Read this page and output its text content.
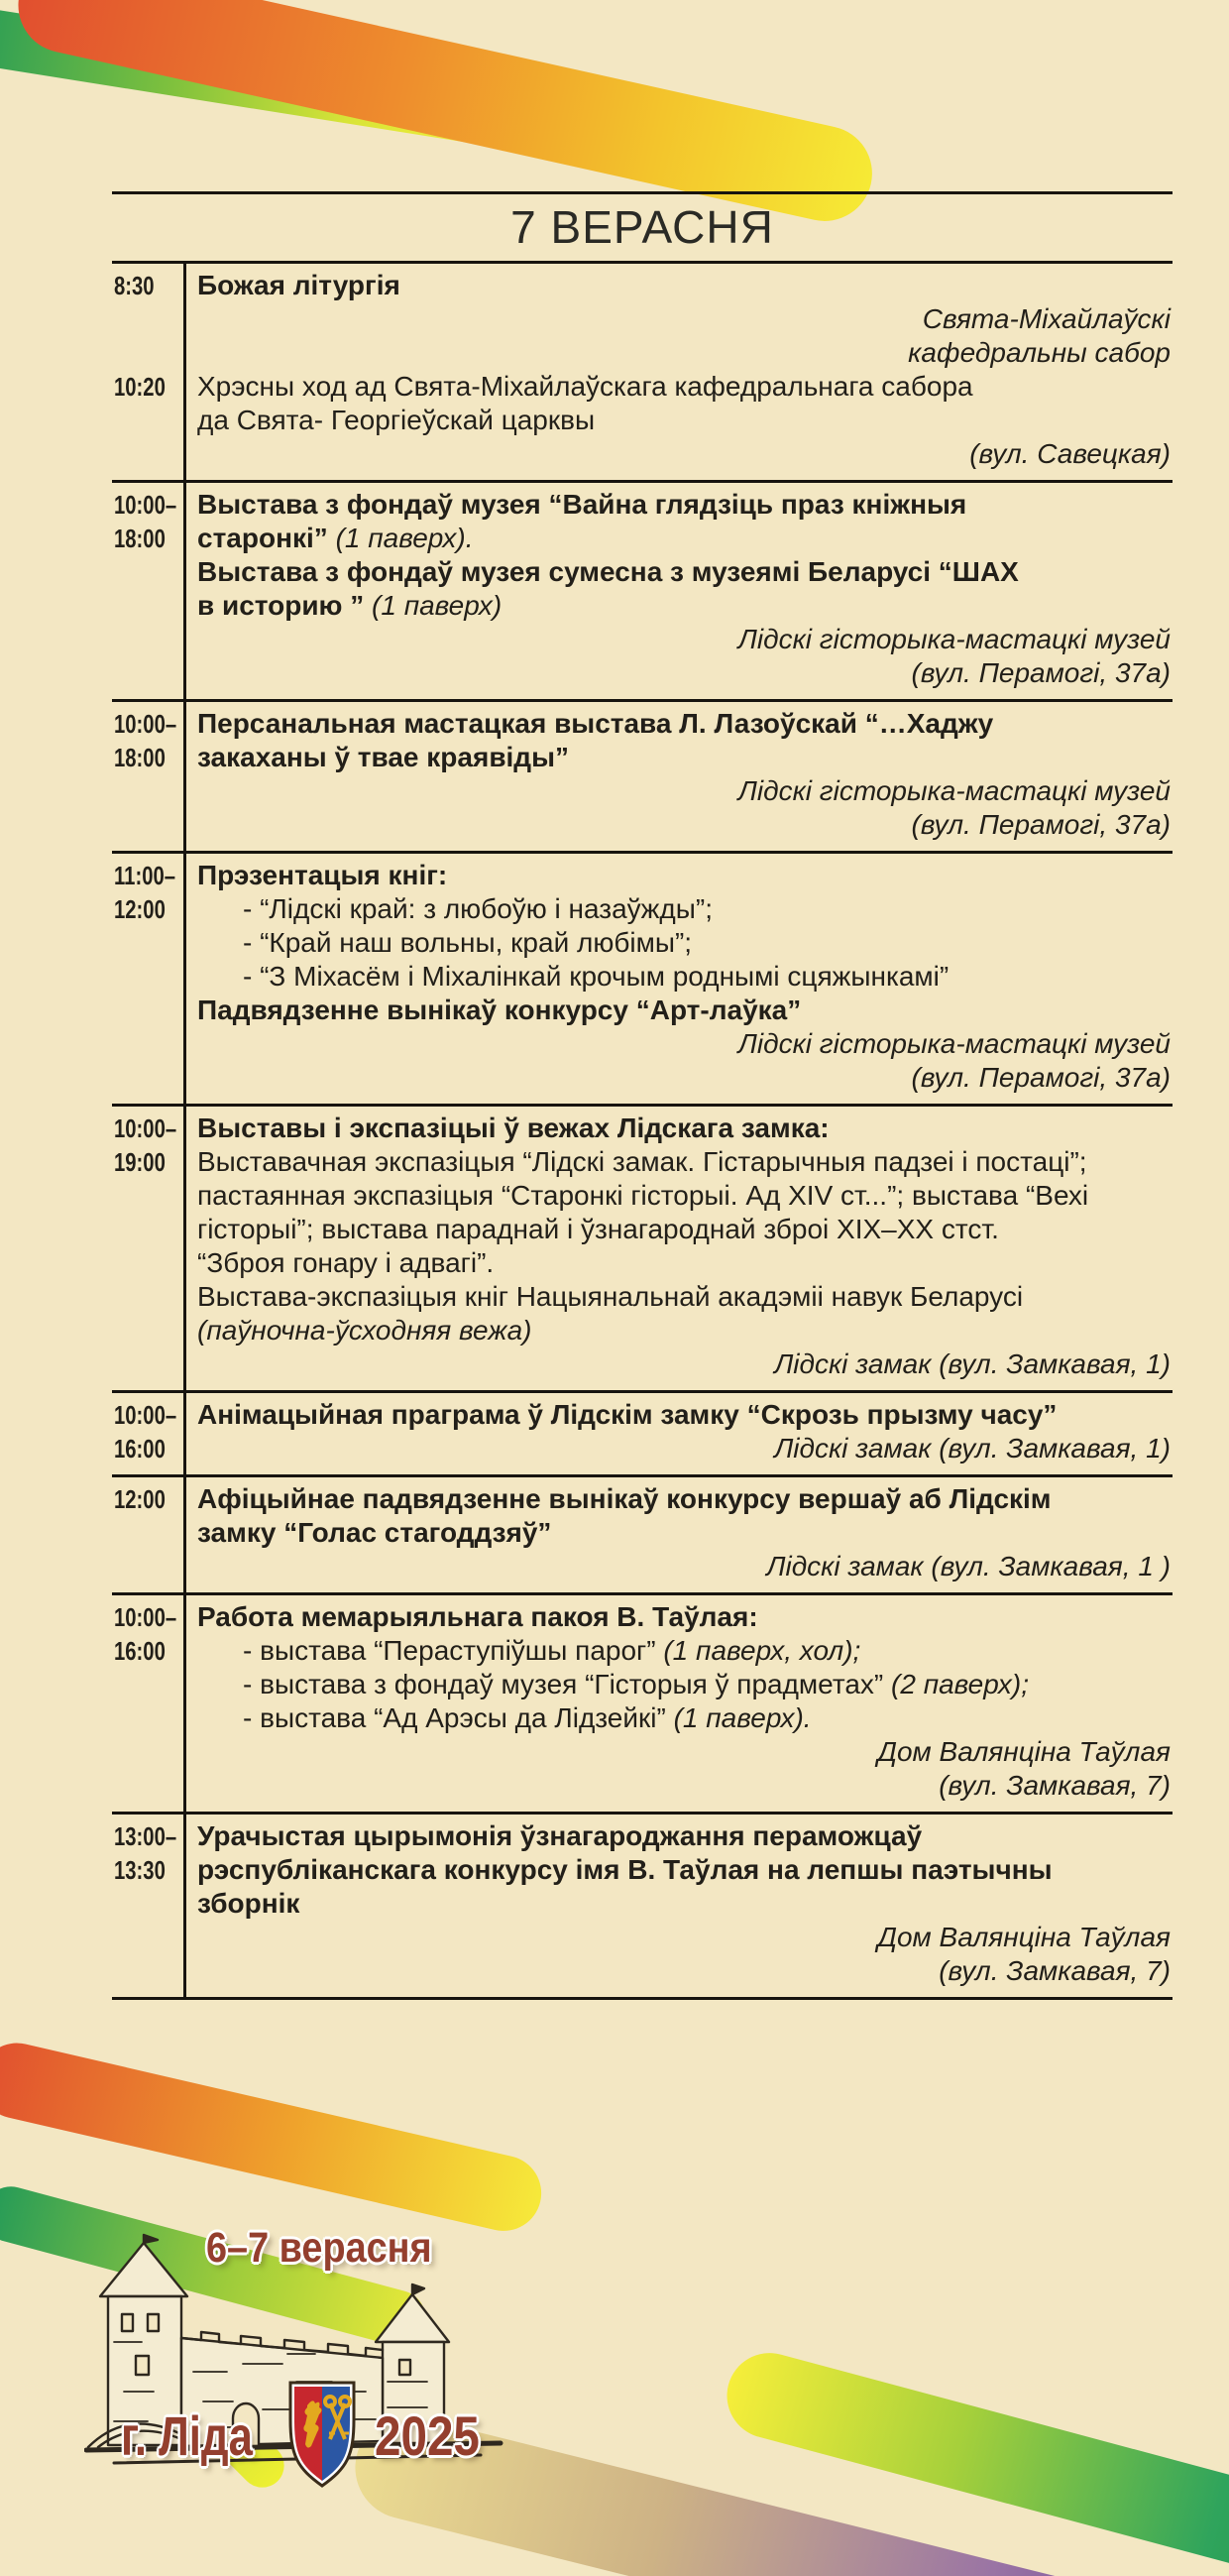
7 ВЕРАСНЯ
8:30	Божая літургія
Свята-Міхайлаўскі
кафедральны сабор
10:20	Хрэсны ход ад Свята-Міхайлаўскага кафедральнага сабора
да Свята- Георгіеўскай царквы
(вул. Савецкая)
10:00– Выстава з фондаў музея “Вайна глядзіць праз кніжныя
18:00	старонкі” (1 паверх).
Выстава з фондаў музея сумесна з музеямі Беларусі “ШАХ
в историю ” (1 паверх)
Лідскі гісторыка-мастацкі музей
(вул. Перамогі, 37а)
10:00– Персанальная мастацкая выстава Л. Лазоўскай “…Хаджу
18:00	закаханы ў твае краявіды”
Лідскі гісторыка-мастацкі музей
(вул. Перамогі, 37а)
11:00– Прэзентацыя кніг:
12:00	- “Лідскі край: з любоўю і назаўжды”;
- “Край наш вольны, край любімы”;
- “З Міхасём і Міхалінкай крочым роднымі сцяжынкамі”
Падвядзенне вынікаў конкурсу “Арт-лаўка”
Лідскі гісторыка-мастацкі музей
(вул. Перамогі, 37а)
10:00– Выставы і экспазіцыі ў вежах Лідскага замка:
19:00	Выставачная экспазіцыя “Лідскі замак. Гістарычныя падзеі і постаці”;
пастаянная экспазіцыя “Старонкі гісторыі. Ад XIV ст...”; выстава “Вехі
гісторыі”; выстава параднай і ўзнагароднай зброі XIX–XX стст.
“Зброя гонару і адвагі”.
Выстава-экспазіцыя кніг Нацыянальнай акадэміі навук Беларусі
(паўночна-ўсходняя вежа)
Лідскі замак (вул. Замкавая, 1)
10:00– Анімацыйная праграма ў Лідскім замку “Скрозь прызму часу”
16:00	Лідскі замак (вул. Замкавая, 1)
12:00	Афіцыйнае падвядзенне вынікаў конкурсу вершаў аб Лідскім
замку “Голас стагоддзяў”
Лідскі замак (вул. Замкавая, 1 )
10:00– Работа мемарыяльнага пакоя В. Таўлая:
16:00	- выстава “Пераступіўшы парог” (1 паверх, хол);
- выстава з фондаў музея “Гісторыя ў прадметах” (2 паверх);
- выстава “Ад Арэсы да Лідзейкі” (1 паверх).
Дом Валянціна Таўлая
(вул. Замкавая, 7)
13:00– Урачыстая цырымонія ўзнагароджання пераможцаў
13:30	рэспубліканскага конкурсу імя В. Таўлая на лепшы паэтычны
зборнік
Дом Валянціна Таўлая
(вул. Замкавая, 7)
6–7 верасня
г. Ліда 2025
